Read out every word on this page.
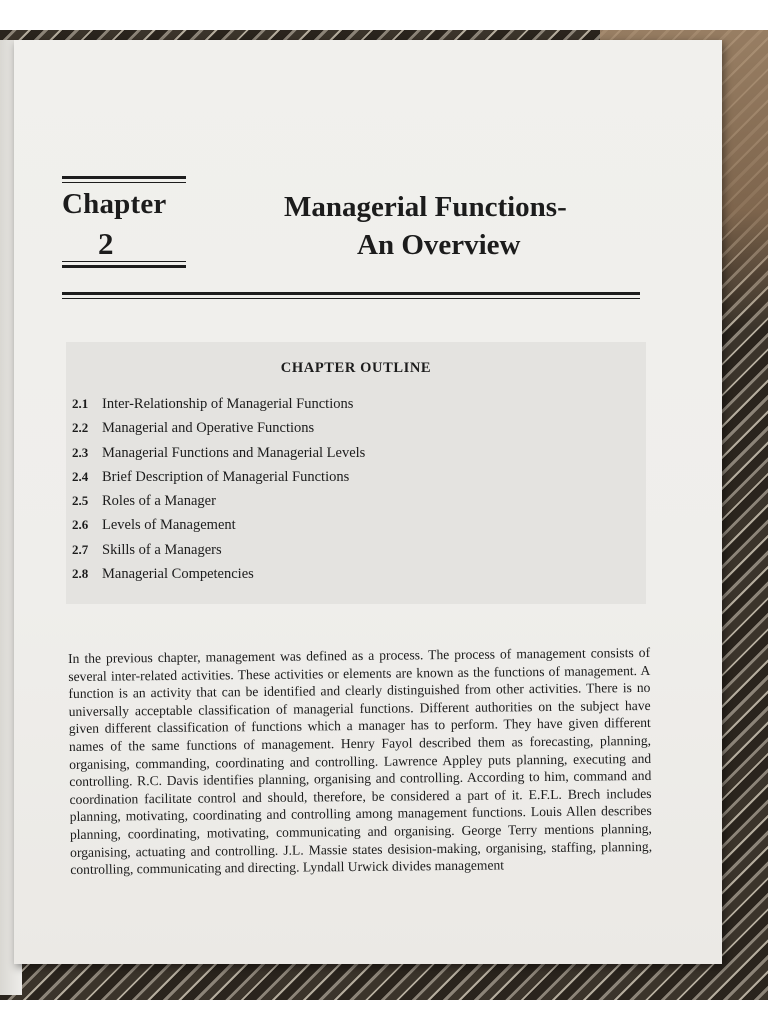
Chapter
2
Managerial Functions-
An Overview
CHAPTER OUTLINE
2.1 Inter-Relationship of Managerial Functions
2.2 Managerial and Operative Functions
2.3 Managerial Functions and Managerial Levels
2.4 Brief Description of Managerial Functions
2.5 Roles of a Manager
2.6 Levels of Management
2.7 Skills of a Managers
2.8 Managerial Competencies

In the previous chapter, management was defined as a process. The process of management consists of several inter-related activities. These activities or elements are known as the functions of management. A function is an activity that can be identified and clearly distinguished from other activities. There is no universally acceptable classification of managerial functions. Different authorities on the subject have given different classification of functions which a manager has to perform. They have given different names of the same functions of management. Henry Fayol described them as forecasting, planning, organising, commanding, coordinating and controlling. Lawrence Appley puts planning, executing and controlling. R.C. Davis identifies planning, organising and controlling. According to him, command and coordination facilitate control and should, therefore, be considered a part of it. E.F.L. Brech includes planning, motivating, coordinating and controlling among management functions. Louis Allen describes planning, coordinating, motivating, communicating and organising. George Terry mentions planning, organising, actuating and controlling. J.L. Massie states desision-making, organising, staffing, planning, controlling, communicating and directing. Lyndall Urwick divides management
